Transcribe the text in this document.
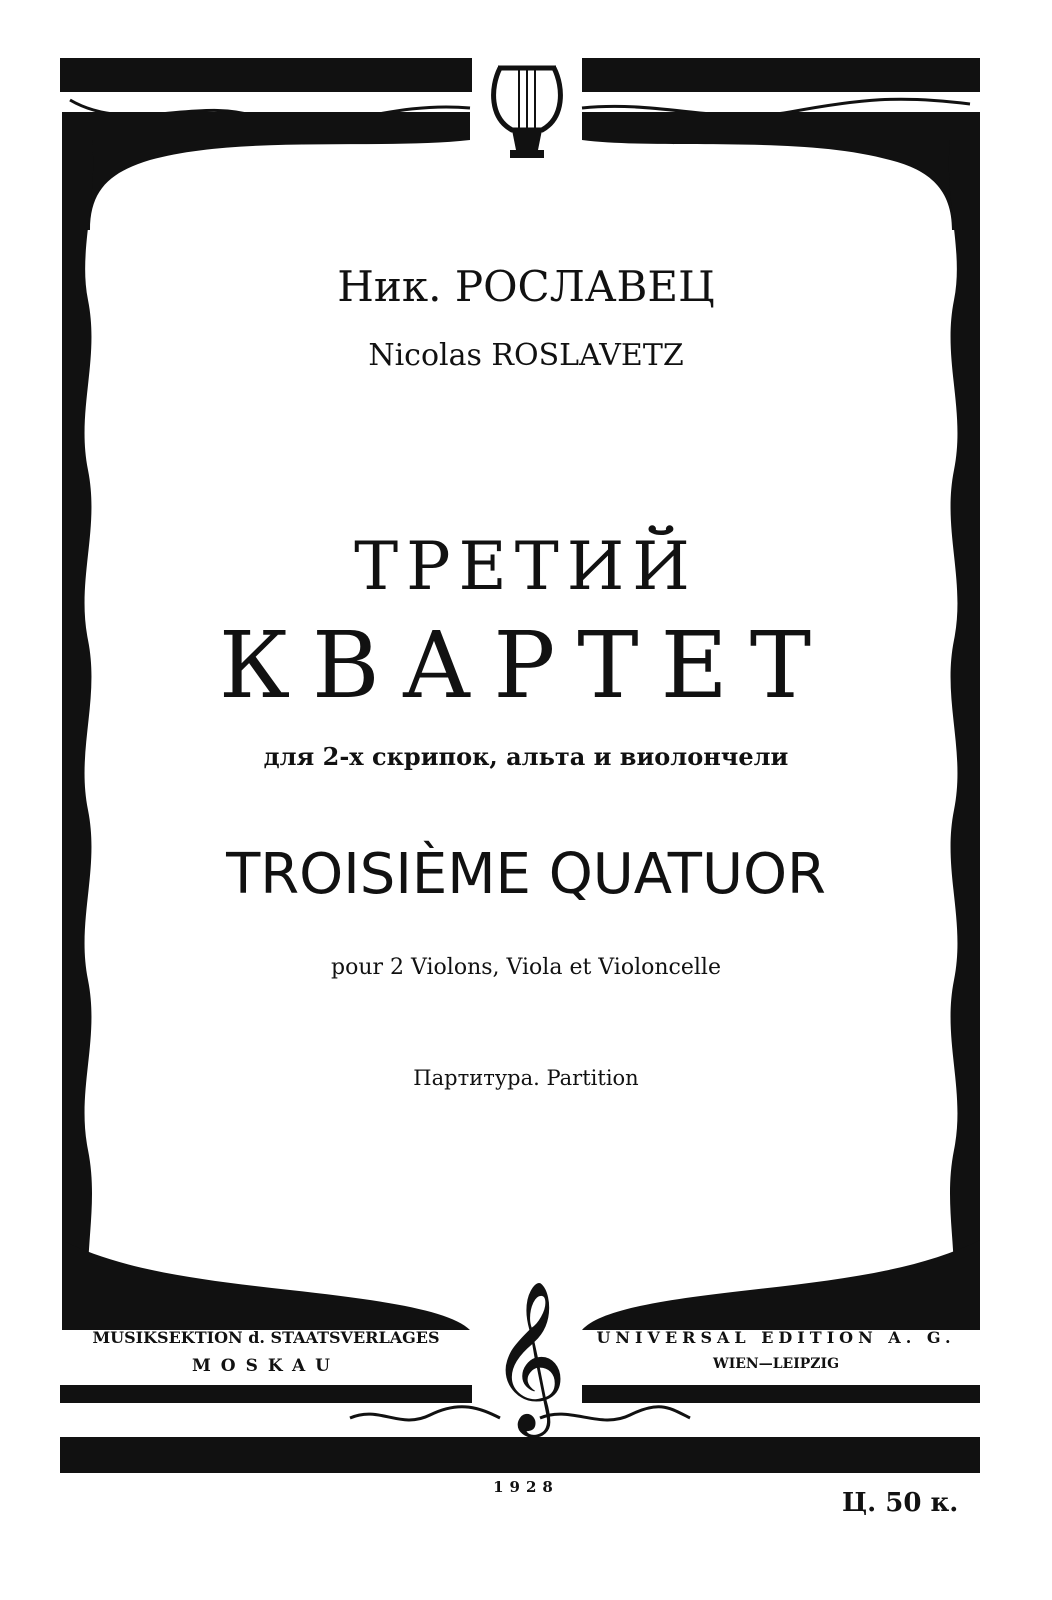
𝄞
Ник. РОСЛАВЕЦ
Nicolas ROSLAVETZ
ТРЕТИЙ
КВАРТЕТ
для 2-х скрипок, альта и виолончели
TROISIÈME QUATUOR
pour 2 Violons, Viola et Violoncelle
Партитура. Partition
MUSIKSEKTION d. STAATSVERLAGES
MOSKAU
UNIVERSAL EDITION A. G.
WIEN—LEIPZIG
1928
Ц. 50 к.
